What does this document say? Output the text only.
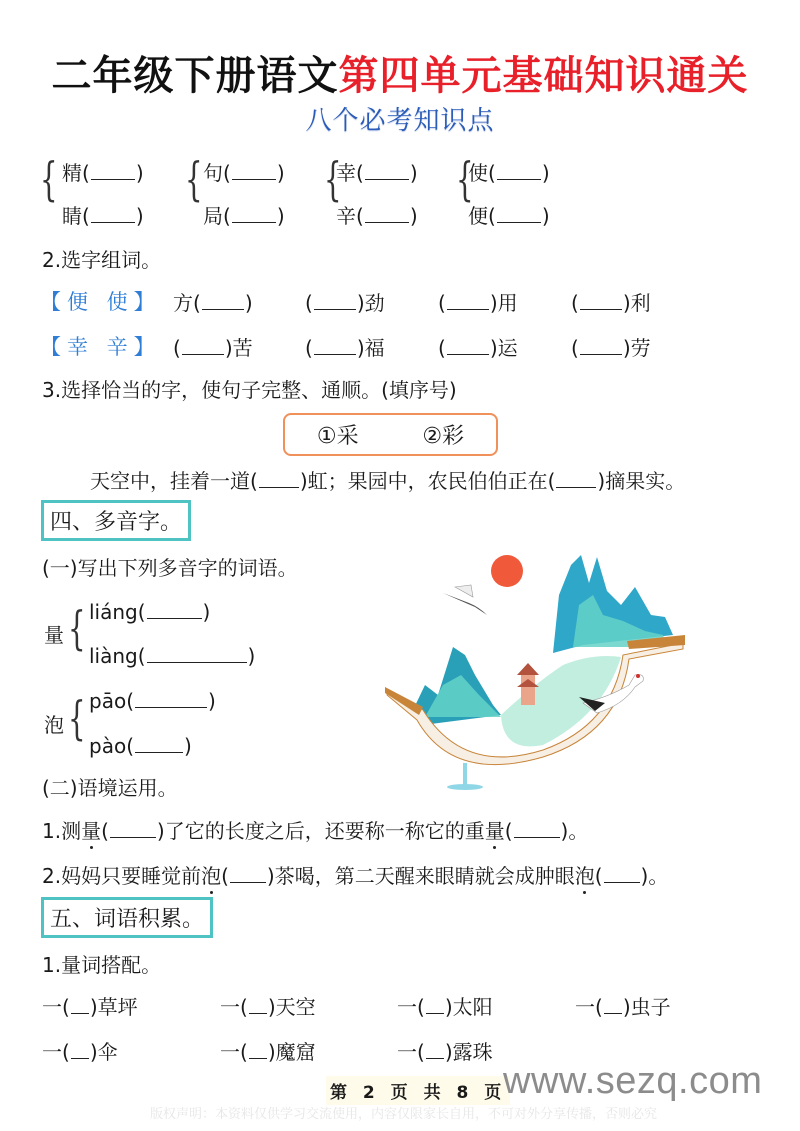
二年级下册语文第四单元基础知识通关
八个必考知识点
{ 精( )
睛( )
{ 句( )
局( )
{
幸( )
辛( )
{
使( )
便( )
2.选字组词。
【便 使】 方( )	( )劲	( )用	( )利
【幸 辛】 ( )苦	( )福	( )运	( )劳
3.选择恰当的字，使句子完整、通顺。(填序号)
①采	②彩
天空中，挂着一道( )虹；果园中，农民伯伯正在( )摘果实。
四、多音字。
(一)写出下列多音字的词语。
量 { liáng(	)
liàng(	)
泡 { pāo(	)
pào(	)
(二)语境运用。
1.测量( )了它的长度之后，还要称一称它的重量( )。
2.妈妈只要睡觉前泡( )茶喝，第二天醒来眼睛就会成肿眼泡( )。
五、词语积累。
1.量词搭配。
一( )草坪	一( )天空	一( )太阳	一( )虫子
一( )伞	一( )魔窟	一( )露珠
第 2 页 共 8 页
www.sezq.com
版权声明：本资料仅供学习交流使用，内容仅限家长自用，不可对外分享传播，否则必究
